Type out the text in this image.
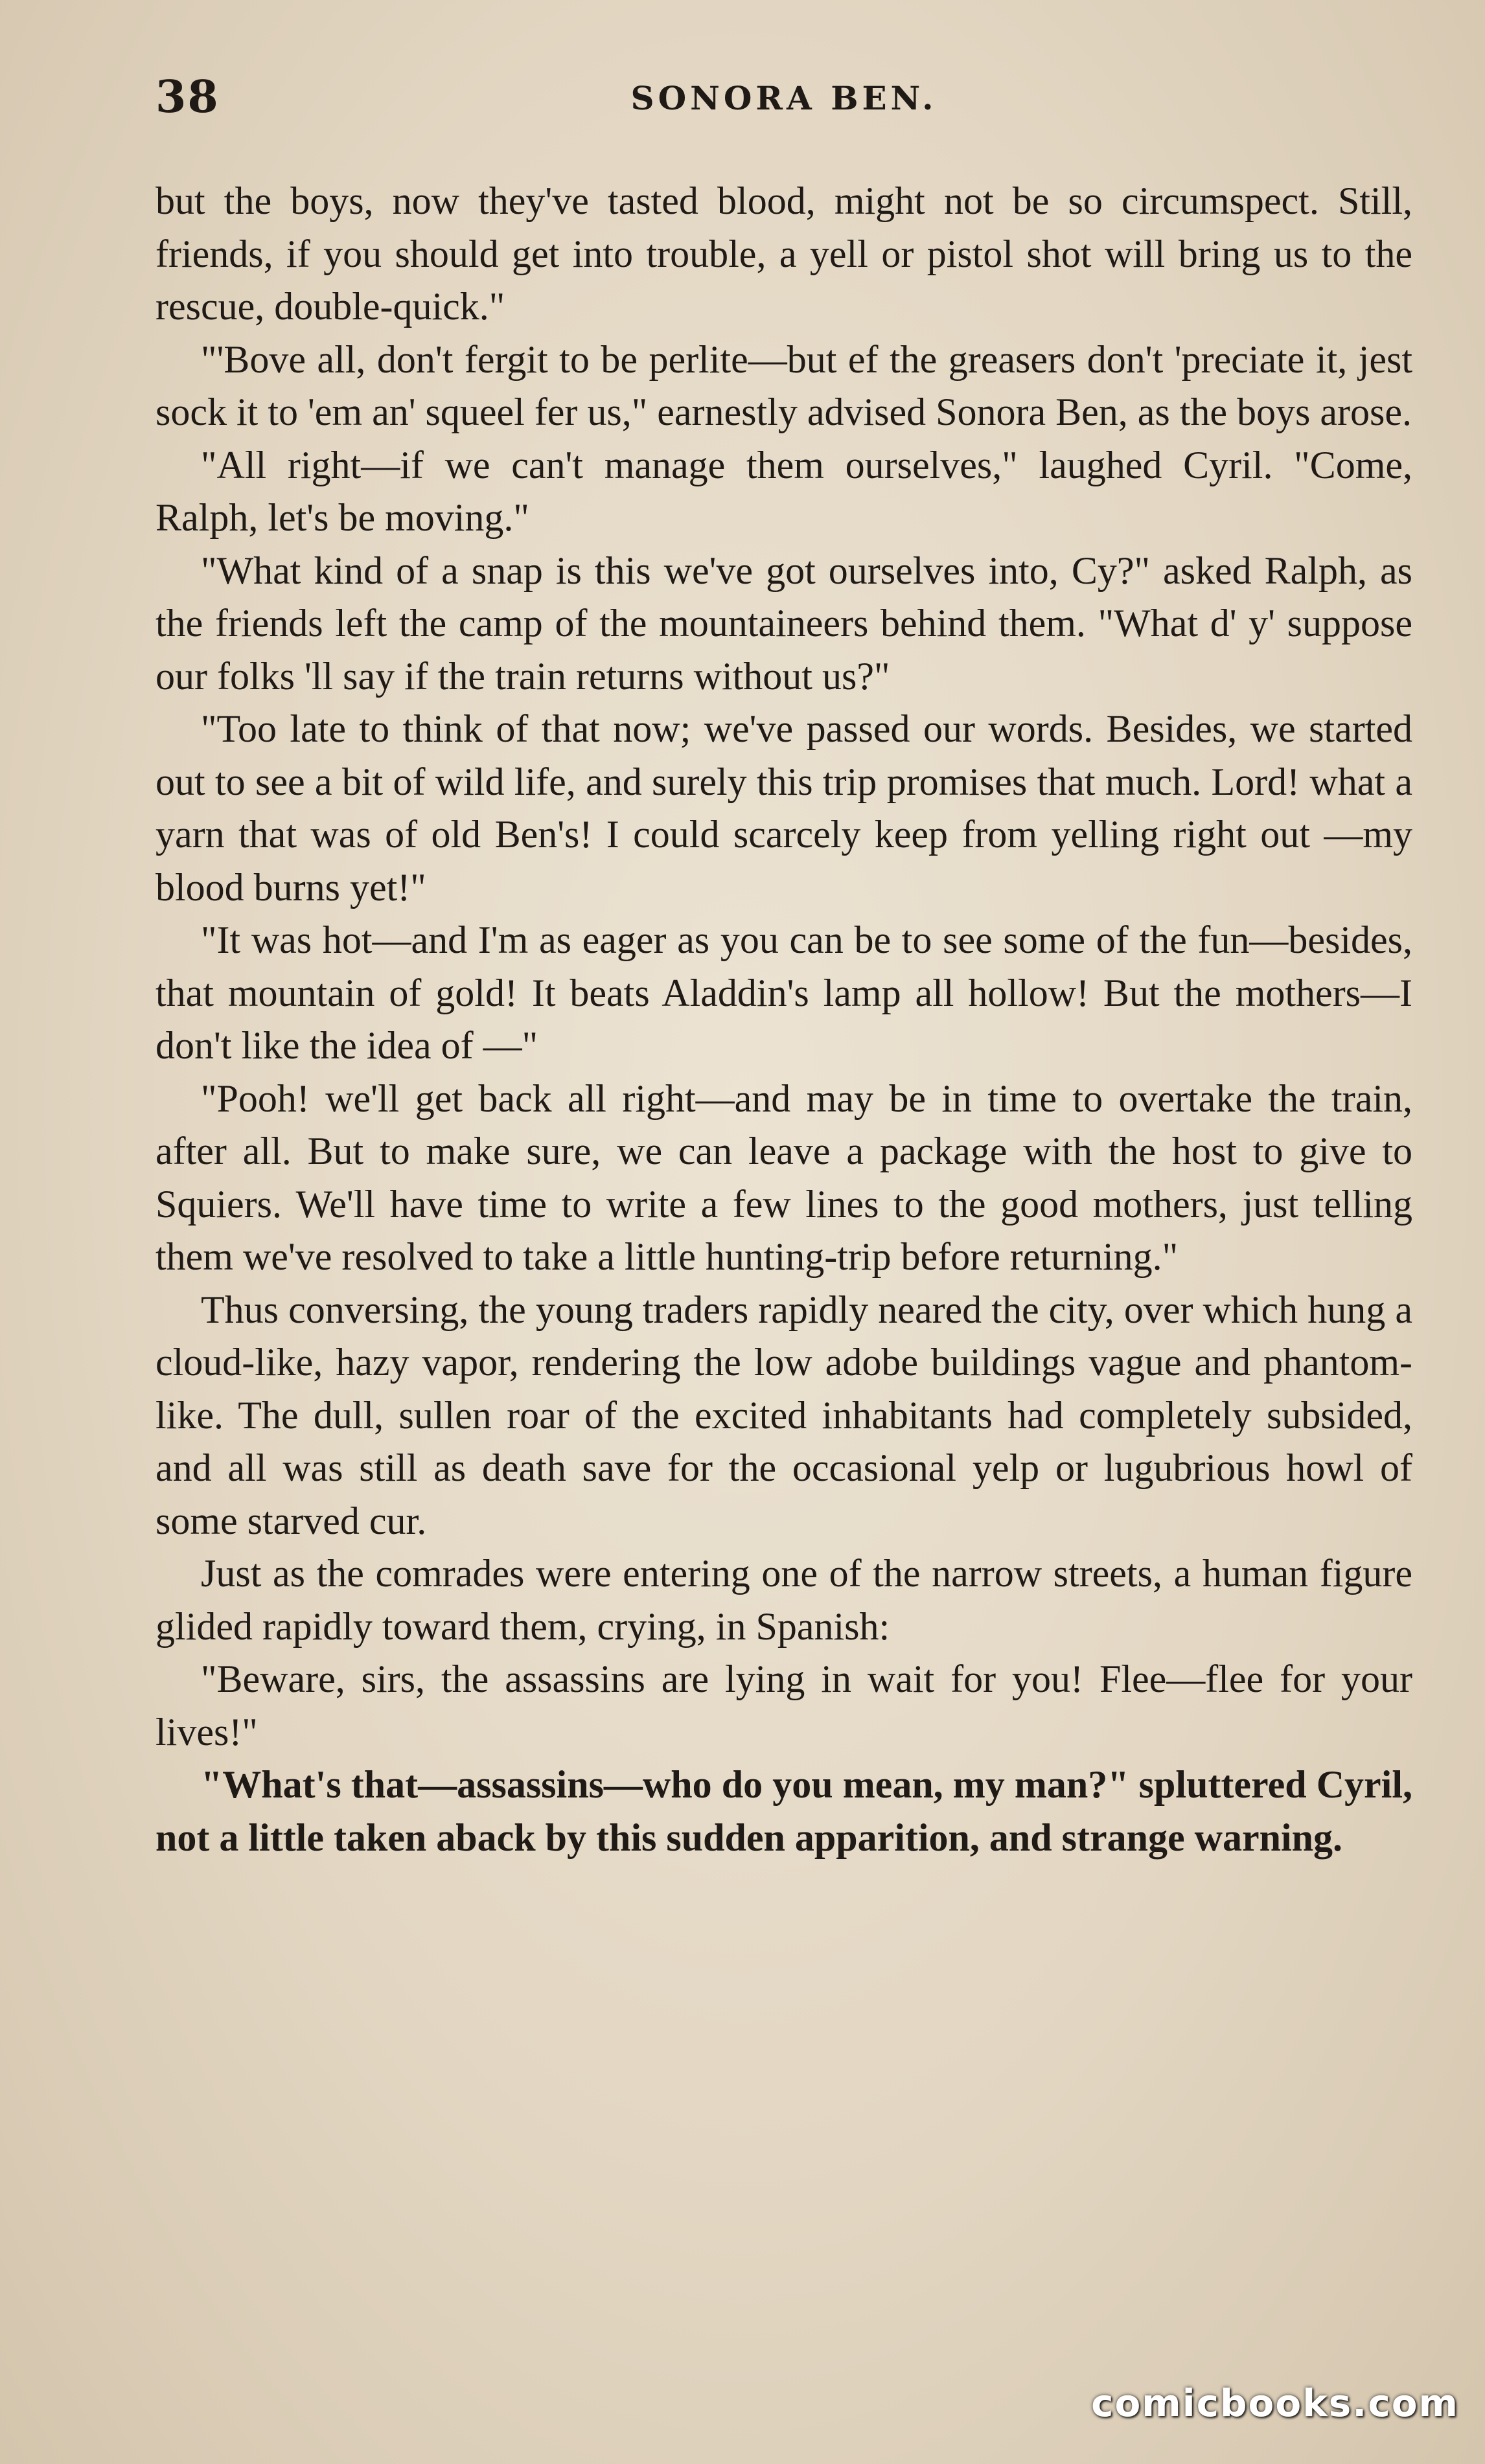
38	SONORA BEN.

but the boys, now they've tasted blood, might not be so circumspect. Still, friends, if you should get into trouble, a yell or pistol shot will bring us to the rescue, double-quick."

"'Bove all, don't fergit to be perlite—but ef the greasers don't 'preciate it, jest sock it to 'em an' squeel fer us," earnestly advised Sonora Ben, as the boys arose.

"All right—if we can't manage them ourselves," laughed Cyril. "Come, Ralph, let's be moving."

"What kind of a snap is this we've got ourselves into, Cy?" asked Ralph, as the friends left the camp of the mountaineers behind them. "What d' y' suppose our folks 'll say if the train returns without us?"

"Too late to think of that now; we've passed our words. Besides, we started out to see a bit of wild life, and surely this trip promises that much. Lord! what a yarn that was of old Ben's! I could scarcely keep from yelling right out —my blood burns yet!"

"It was hot—and I'm as eager as you can be to see some of the fun—besides, that mountain of gold! It beats Aladdin's lamp all hollow! But the mothers—I don't like the idea of —"

"Pooh! we'll get back all right—and may be in time to overtake the train, after all. But to make sure, we can leave a package with the host to give to Squiers. We'll have time to write a few lines to the good mothers, just telling them we've resolved to take a little hunting-trip before returning."

Thus conversing, the young traders rapidly neared the city, over which hung a cloud-like, hazy vapor, rendering the low adobe buildings vague and phantom-like. The dull, sullen roar of the excited inhabitants had completely subsided, and all was still as death save for the occasional yelp or lugubrious howl of some starved cur.

Just as the comrades were entering one of the narrow streets, a human figure glided rapidly toward them, crying, in Spanish:

"Beware, sirs, the assassins are lying in wait for you! Flee—flee for your lives!"

"What's that—assassins—who do you mean, my man?" spluttered Cyril, not a little taken aback by this sudden apparition, and strange warning.

comicbooks.com
